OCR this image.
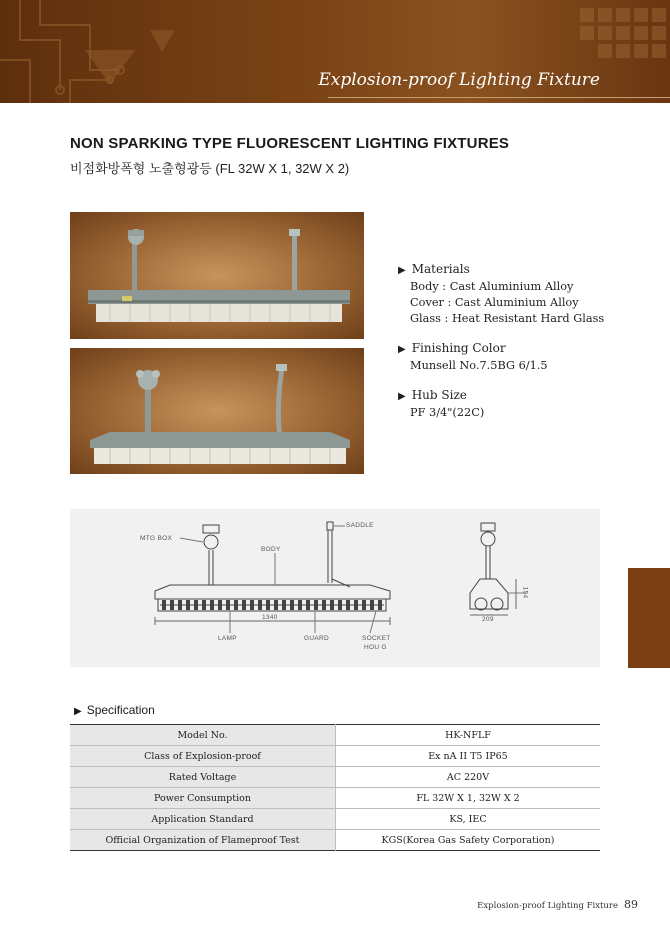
Explosion-proof Lighting Fixture
NON SPARKING TYPE FLUORESCENT LIGHTING FIXTURES
비점화방폭형 노출형광등 (FL 32W X 1, 32W X 2)
▶ Materials
Body : Cast Aluminium Alloy
Cover : Cast Aluminium Alloy
Glass : Heat Resistant Hard Glass
▶ Finishing Color
Munsell No.7.5BG 6/1.5
▶ Hub Size
PF 3/4"(22C)
MTG BOX
SADDLE
BODY
1340
LAMP	GUARD	SOCKET
HOU G
209
154
▶ Specification
Model No.	HK-NFLF
Class of Explosion-proof	Ex nA II T5 IP65
Rated Voltage	AC 220V
Power Consumption	FL 32W X 1, 32W X 2
Application Standard	KS, IEC
Official Organization of Flameproof Test	KGS(Korea Gas Safety Corporation)
Explosion-proof Lighting Fixture 89
